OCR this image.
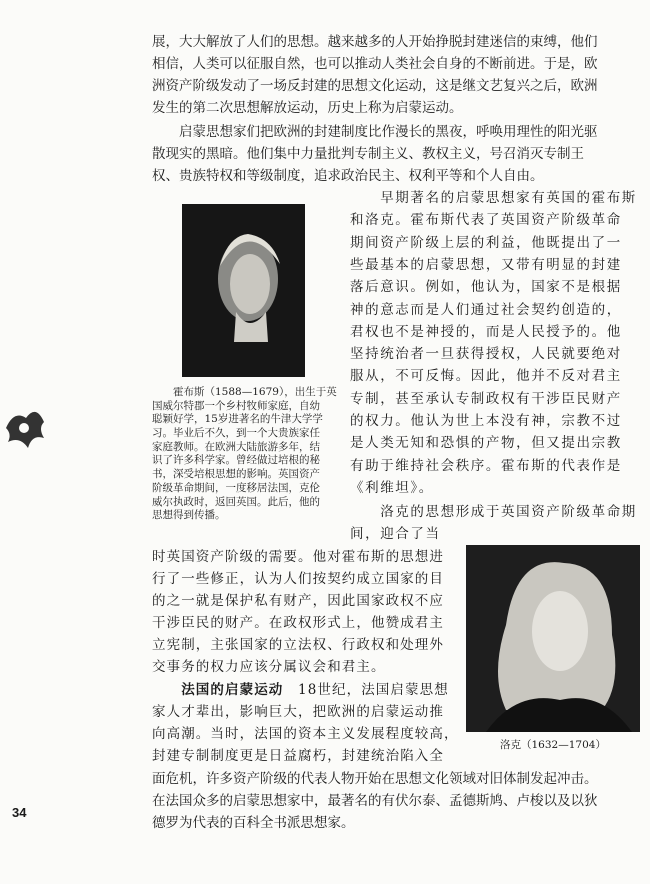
展，大大解放了人们的思想。越来越多的人开始挣脱封建迷信的束缚，他们
相信，人类可以征服自然，也可以推动人类社会自身的不断前进。于是，欧
洲资产阶级发动了一场反封建的思想文化运动，这是继文艺复兴之后，欧洲
发生的第二次思想解放运动，历史上称为启蒙运动。
　　启蒙思想家们把欧洲的封建制度比作漫长的黑夜，呼唤用理性的阳光驱
散现实的黑暗。他们集中力量批判专制主义、教权主义，号召消灭专制王
权、贵族特权和等级制度，追求政治民主、权利平等和个人自由。
　　早期著名的启蒙思想家有英国的霍布斯
和洛克。霍布斯代表了英国资产阶级革命
期间资产阶级上层的利益，他既提出了一
些最基本的启蒙思想，又带有明显的封建
落后意识。例如，他认为，国家不是根据
神的意志而是人们通过社会契约创造的，
君权也不是神授的，而是人民授予的。他
坚持统治者一旦获得授权，人民就要绝对
服从，不可反悔。因此，他并不反对君主
专制，甚至承认专制政权有干涉臣民财产
的权力。他认为世上本没有神，宗教不过
是人类无知和恐惧的产物，但又提出宗教
有助于维持社会秩序。霍布斯的代表作是
《利维坦》。
　　洛克的思想形成于英国资产阶级革命期
间，迎合了当
时英国资产阶级的需要。他对霍布斯的思想进
行了一些修正，认为人们按契约成立国家的目
的之一就是保护私有财产，因此国家政权不应
干涉臣民的财产。在政权形式上，他赞成君主
立宪制，主张国家的立法权、行政权和处理外
交事务的权力应该分属议会和君主。
　　霍布斯（1588—1679），出生于英
国威尔特郡一个乡村牧师家庭，自幼
聪颖好学，15岁进著名的牛津大学学
习。毕业后不久，到一个大贵族家任
家庭教师。在欧洲大陆旅游多年，结
识了许多科学家。曾经做过培根的秘
书，深受培根思想的影响。英国资产
阶级革命期间，一度移居法国，克伦
威尔执政时，返回英国。此后，他的
思想得到传播。
洛克（1632—1704）
　　法国的启蒙运动　 18世纪，法国启蒙思想
家人才辈出，影响巨大，把欧洲的启蒙运动推
向高潮。当时，法国的资本主义发展程度较高，
封建专制制度更是日益腐朽，封建统治陷入全
面危机，许多资产阶级的代表人物开始在思想文化领域对旧体制发起冲击。
在法国众多的启蒙思想家中，最著名的有伏尔泰、孟德斯鸠、卢梭以及以狄
德罗为代表的百科全书派思想家。
34
